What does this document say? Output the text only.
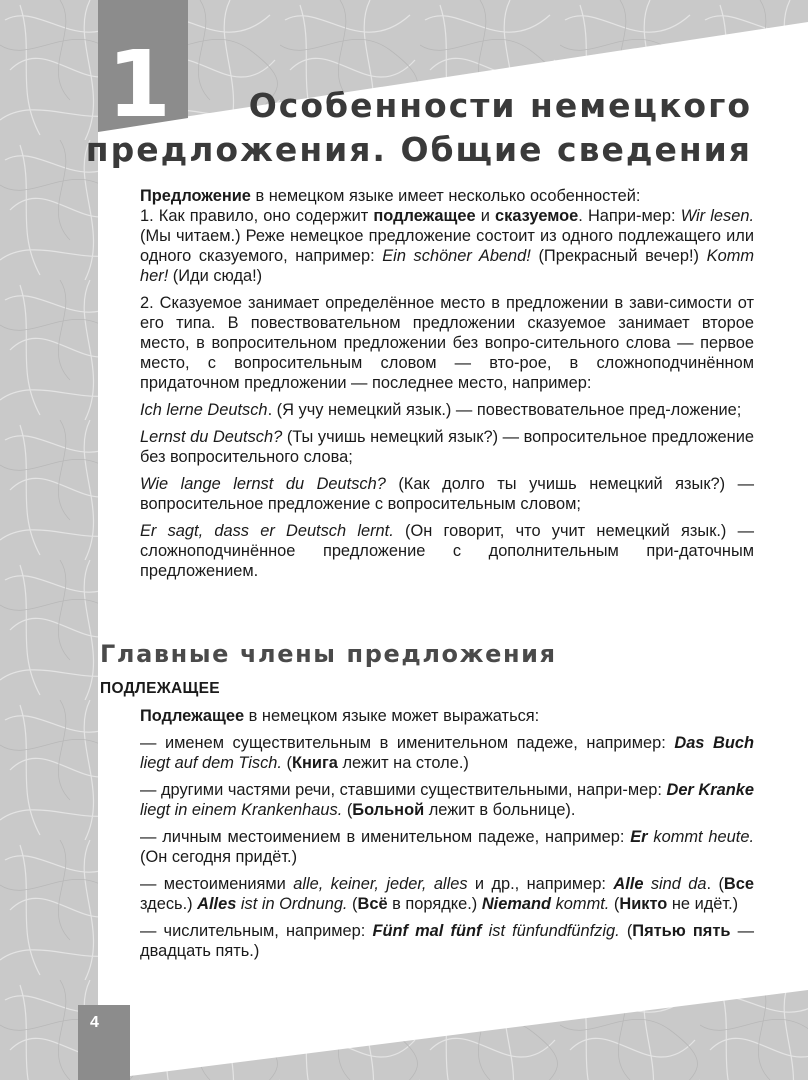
1	Особенности немецкого
предложения. Общие сведения

Предложение в немецком языке имеет несколько особенностей:

1. Как правило, оно содержит подлежащее и сказуемое. Напри-мер: Wir lesen. (Мы читаем.) Реже немецкое предложение состоит из одного подлежащего или одного сказуемого, например: Ein schöner Abend! (Прекрасный вечер!) Komm her! (Иди сюда!)

2. Сказуемое занимает определённое место в предложении в зави-симости от его типа. В повествовательном предложении сказуемое занимает второе место, в вопросительном предложении без вопро-сительного слова — первое место, с вопросительным словом — вто-рое, в сложноподчинённом придаточном предложении — последнее место, например:

Ich lerne Deutsch. (Я учу немецкий язык.) — повествовательное пред-ложение;

Lernst du Deutsch? (Ты учишь немецкий язык?) — вопросительное предложение без вопросительного слова;

Wie lange lernst du Deutsch? (Как долго ты учишь немецкий язык?) — вопросительное предложение с вопросительным словом;

Er sagt, dass er Deutsch lernt. (Он говорит, что учит немецкий язык.) — сложноподчинённое предложение с дополнительным при-даточным предложением.

Главные члены предложения
ПОДЛЕЖАЩЕЕ

Подлежащее в немецком языке может выражаться:

— именем существительным в именительном падеже, например: Das Buch liegt auf dem Tisch. (Книга лежит на столе.)

— другими частями речи, ставшими существительными, напри-мер: Der Kranke liegt in einem Krankenhaus. (Больной лежит в больнице).

— личным местоимением в именительном падеже, например: Er kommt heute. (Он сегодня придёт.)

— местоимениями alle, keiner, jeder, alles и др., например: Alle sind da. (Все здесь.) Alles ist in Ordnung. (Всё в порядке.) Niemand kommt. (Никто не идёт.)

— числительным, например: Fünf mal fünf ist fünfundfünfzig. (Пятью пять — двадцать пять.)

4
